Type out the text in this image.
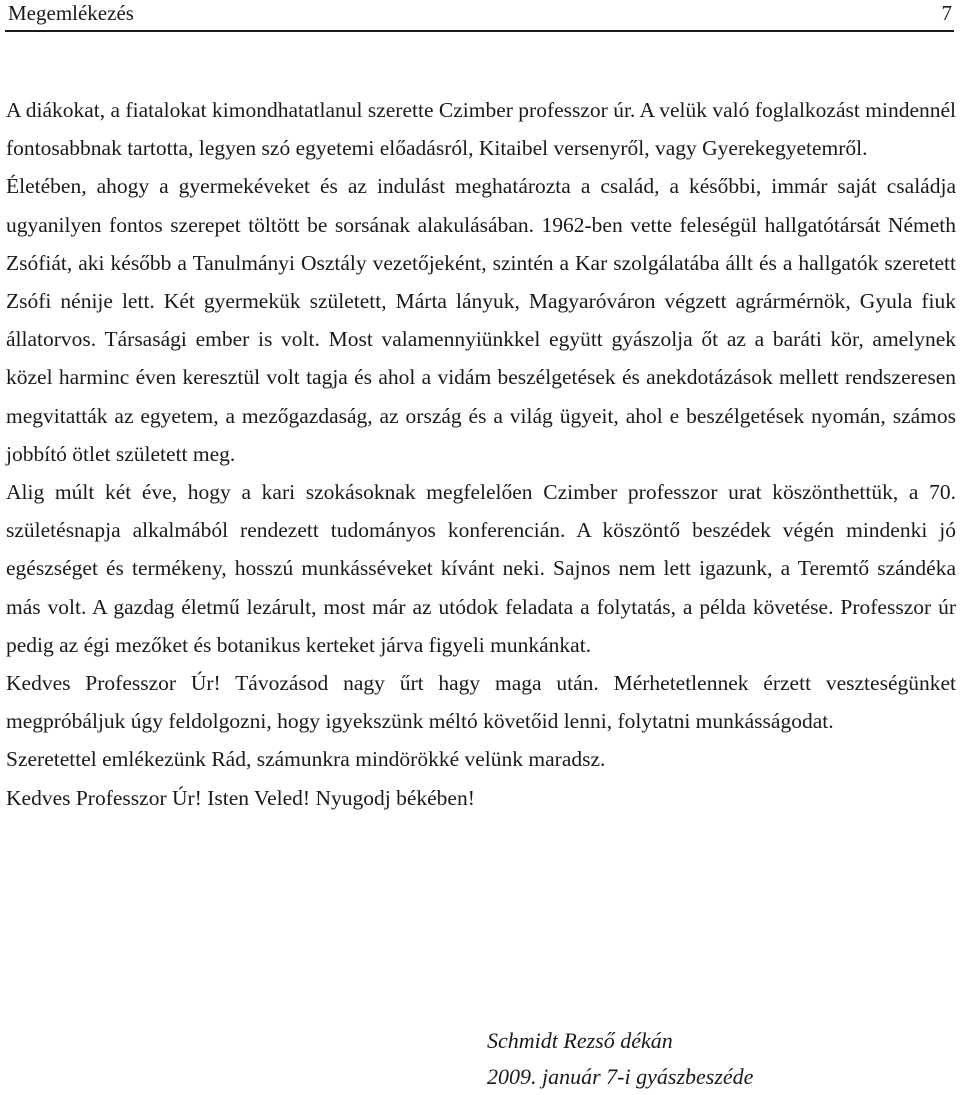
Megemlékezés	7

A diákokat, a fiatalokat kimondhatatlanul szerette Czimber professzor úr. A velük való foglalkozást mindennél fontosabbnak tartotta, legyen szó egyetemi előadásról, Kitaibel versenyről, vagy Gyerekegyetemről.

Életében, ahogy a gyermekéveket és az indulást meghatározta a család, a későbbi, immár saját családja ugyanilyen fontos szerepet töltött be sorsának alakulásában. 1962-ben vette feleségül hallgatótársát Németh Zsófiát, aki később a Tanulmányi Osztály vezetőjeként, szintén a Kar szolgálatába állt és a hallgatók szeretett Zsófi nénije lett. Két gyermekük született, Márta lányuk, Magyaróváron végzett agrármérnök, Gyula fiuk állatorvos. Társasági ember is volt. Most valamennyiünkkel együtt gyászolja őt az a baráti kör, amelynek közel harminc éven keresztül volt tagja és ahol a vidám beszélgetések és anekdotázások mellett rendszeresen megvitatták az egyetem, a mezőgazdaság, az ország és a világ ügyeit, ahol e beszélgetések nyomán, számos jobbító ötlet született meg.

Alig múlt két éve, hogy a kari szokásoknak megfelelően Czimber professzor urat köszönthettük, a 70. születésnapja alkalmából rendezett tudományos konferencián. A köszöntő beszédek végén mindenki jó egészséget és termékeny, hosszú munkásséveket kívánt neki. Sajnos nem lett igazunk, a Teremtő szándéka más volt. A gazdag életmű lezárult, most már az utódok feladata a folytatás, a példa követése. Professzor úr pedig az égi mezőket és botanikus kerteket járva figyeli munkánkat.

Kedves Professzor Úr! Távozásod nagy űrt hagy maga után. Mérhetetlennek érzett veszteségünket megpróbáljuk úgy feldolgozni, hogy igyekszünk méltó követőid lenni, folytatni munkásságodat.

Szeretettel emlékezünk Rád, számunkra mindörökké velünk maradsz.

Kedves Professzor Úr! Isten Veled! Nyugodj békében!

Schmidt Rezső dékán
2009. január 7-i gyászbeszéde
